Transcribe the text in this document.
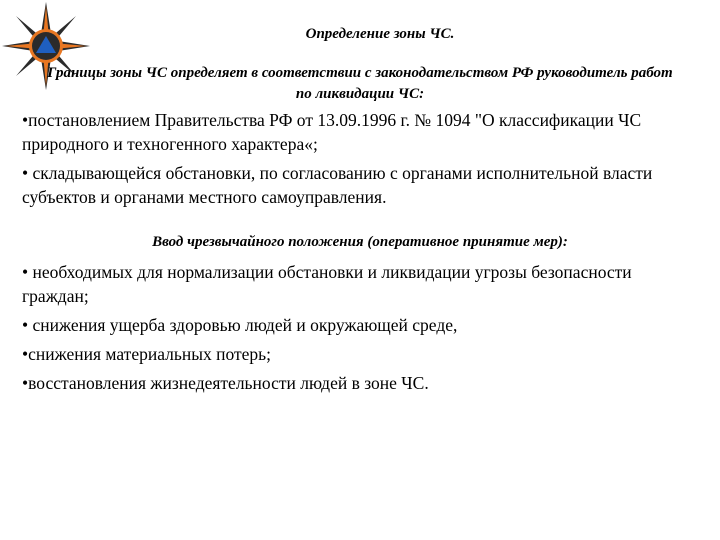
Определение зоны ЧС.
Границы зоны ЧС определяет в соответствии с законодательством РФ руководитель работ по ликвидации ЧС:
•постановлением Правительства РФ от 13.09.1996 г. № 1094 "О классификации ЧС природного и техногенного характера«;
• складывающейся обстановки, по согласованию с органами исполнительной власти субъектов и органами местного самоуправления.
Ввод чрезвычайного положения (оперативное принятие мер):
• необходимых для нормализации обстановки и ликвидации угрозы безопасности граждан;
• снижения ущерба здоровью людей и окружающей среде,
•снижения материальных потерь;
•восстановления жизнедеятельности людей в зоне ЧС.
